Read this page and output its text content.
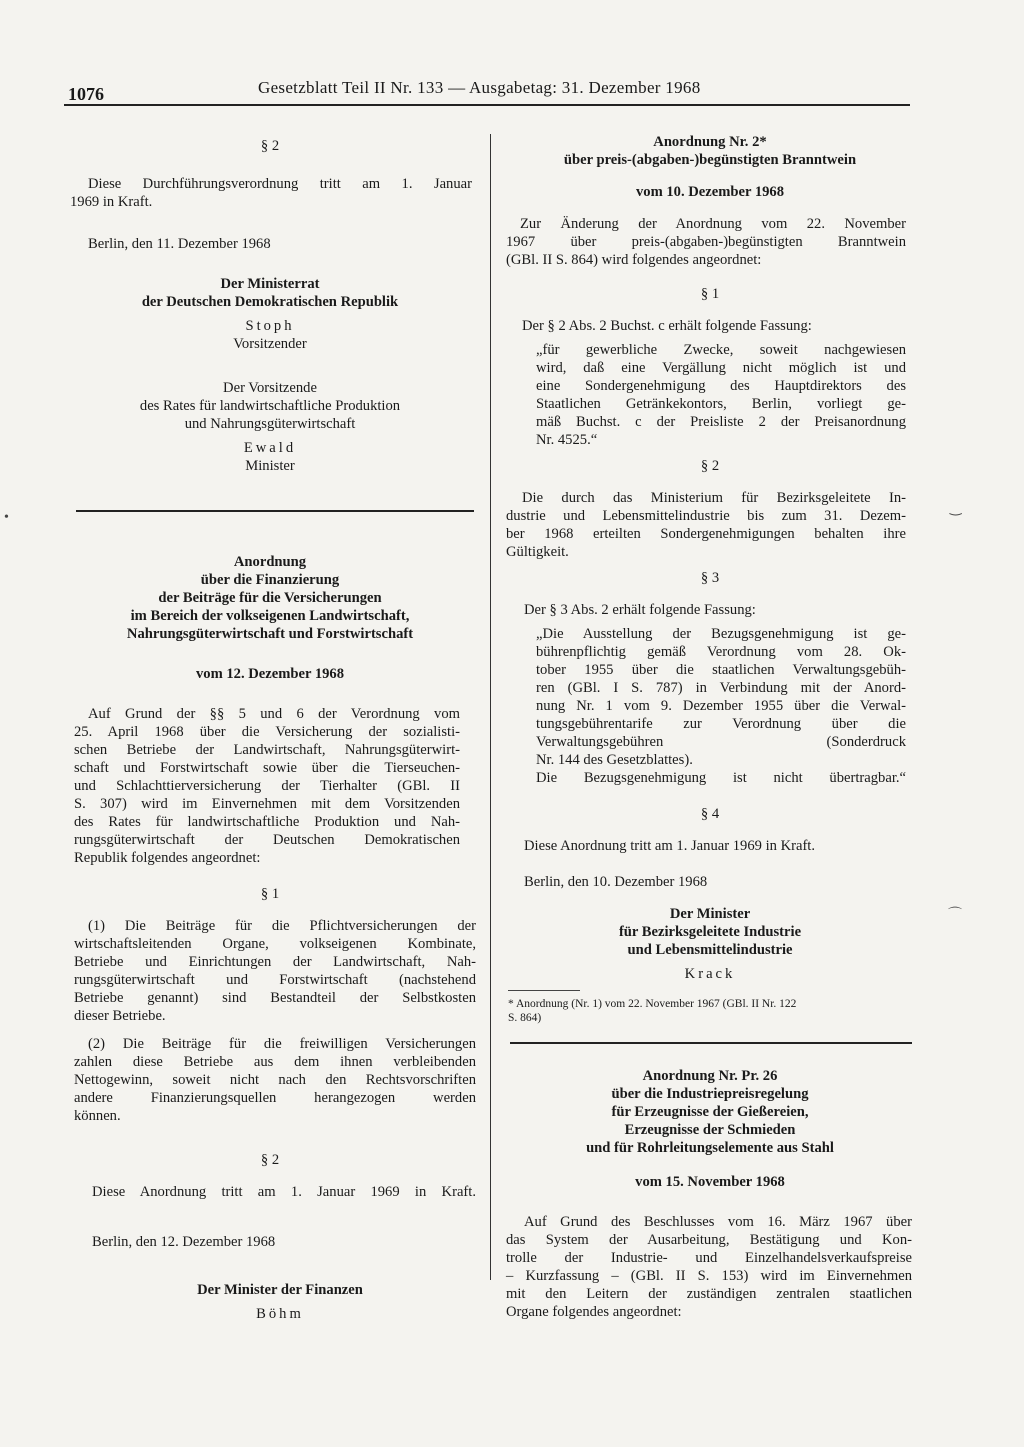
1076	Gesetzblatt Teil II Nr. 133 — Ausgabetag: 31. Dezember 1968
§ 2
Diese Durchführungsverordnung tritt am 1. Januar
1969 in Kraft.
Berlin, den 11. Dezember 1968
Der Ministerrat
der Deutschen Demokratischen Republik
Stoph
Vorsitzender
Der Vorsitzende
des Rates für landwirtschaftliche Produktion
und Nahrungsgüterwirtschaft
Ewald
Minister
•
Anordnung
über die Finanzierung
der Beiträge für die Versicherungen
im Bereich der volkseigenen Landwirtschaft,
Nahrungsgüterwirtschaft und Forstwirtschaft
vom 12. Dezember 1968
Auf Grund der §§ 5 und 6 der Verordnung vom
25. April 1968 über die Versicherung der sozialisti-
schen Betriebe der Landwirtschaft, Nahrungsgüterwirt-
schaft und Forstwirtschaft sowie über die Tierseuchen-
und Schlachttierversicherung der Tierhalter (GBl. II
S. 307) wird im Einvernehmen mit dem Vorsitzenden
des Rates für landwirtschaftliche Produktion und Nah-
rungsgüterwirtschaft der Deutschen Demokratischen
Republik folgendes angeordnet:
§ 1
(1) Die Beiträge für die Pflichtversicherungen der
wirtschaftsleitenden Organe, volkseigenen Kombinate,
Betriebe und Einrichtungen der Landwirtschaft, Nah-
rungsgüterwirtschaft und Forstwirtschaft (nachstehend
Betriebe genannt) sind Bestandteil der Selbstkosten
dieser Betriebe.
(2) Die Beiträge für die freiwilligen Versicherungen
zahlen diese Betriebe aus dem ihnen verbleibenden
Nettogewinn, soweit nicht nach den Rechtsvorschriften
andere Finanzierungsquellen herangezogen werden
können.
§ 2
Diese Anordnung tritt am 1. Januar 1969 in Kraft.
Berlin, den 12. Dezember 1968
Der Minister der Finanzen
Böhm
Anordnung Nr. 2*
über preis-(abgaben-)begünstigten Branntwein
vom 10. Dezember 1968
Zur Änderung der Anordnung vom 22. November
1967 über preis-(abgaben-)begünstigten Branntwein
(GBl. II S. 864) wird folgendes angeordnet:
§ 1
Der § 2 Abs. 2 Buchst. c erhält folgende Fassung:
„für gewerbliche Zwecke, soweit nachgewiesen
wird, daß eine Vergällung nicht möglich ist und
eine Sondergenehmigung des Hauptdirektors des
Staatlichen Getränkekontors, Berlin, vorliegt ge-
mäß Buchst. c der Preisliste 2 der Preisanordnung
Nr. 4525.“
§ 2
Die durch das Ministerium für Bezirksgeleitete In-
dustrie und Lebensmittelindustrie bis zum 31. Dezem-
ber 1968 erteilten Sondergenehmigungen behalten ihre
Gültigkeit.
§ 3
Der § 3 Abs. 2 erhält folgende Fassung:
„Die Ausstellung der Bezugsgenehmigung ist ge-
bührenpflichtig gemäß Verordnung vom 28. Ok-
tober 1955 über die staatlichen Verwaltungsgebüh-
ren (GBl. I S. 787) in Verbindung mit der Anord-
nung Nr. 1 vom 9. Dezember 1955 über die Verwal-
tungsgebührentarife zur Verordnung über die
Verwaltungsgebühren (Sonderdruck
Nr. 144 des Gesetzblattes).
Die Bezugsgenehmigung ist nicht übertragbar.“
§ 4
Diese Anordnung tritt am 1. Januar 1969 in Kraft.
Berlin, den 10. Dezember 1968
Der Minister
für Bezirksgeleitete Industrie
und Lebensmittelindustrie
Krack
* Anordnung (Nr. 1) vom 22. November 1967 (GBl. II Nr. 122
S. 864)
‿
⌒
Anordnung Nr. Pr. 26
über die Industriepreisregelung
für Erzeugnisse der Gießereien,
Erzeugnisse der Schmieden
und für Rohrleitungselemente aus Stahl
vom 15. November 1968
Auf Grund des Beschlusses vom 16. März 1967 über
das System der Ausarbeitung, Bestätigung und Kon-
trolle der Industrie- und Einzelhandelsverkaufspreise
– Kurzfassung – (GBl. II S. 153) wird im Einvernehmen
mit den Leitern der zuständigen zentralen staatlichen
Organe folgendes angeordnet:
